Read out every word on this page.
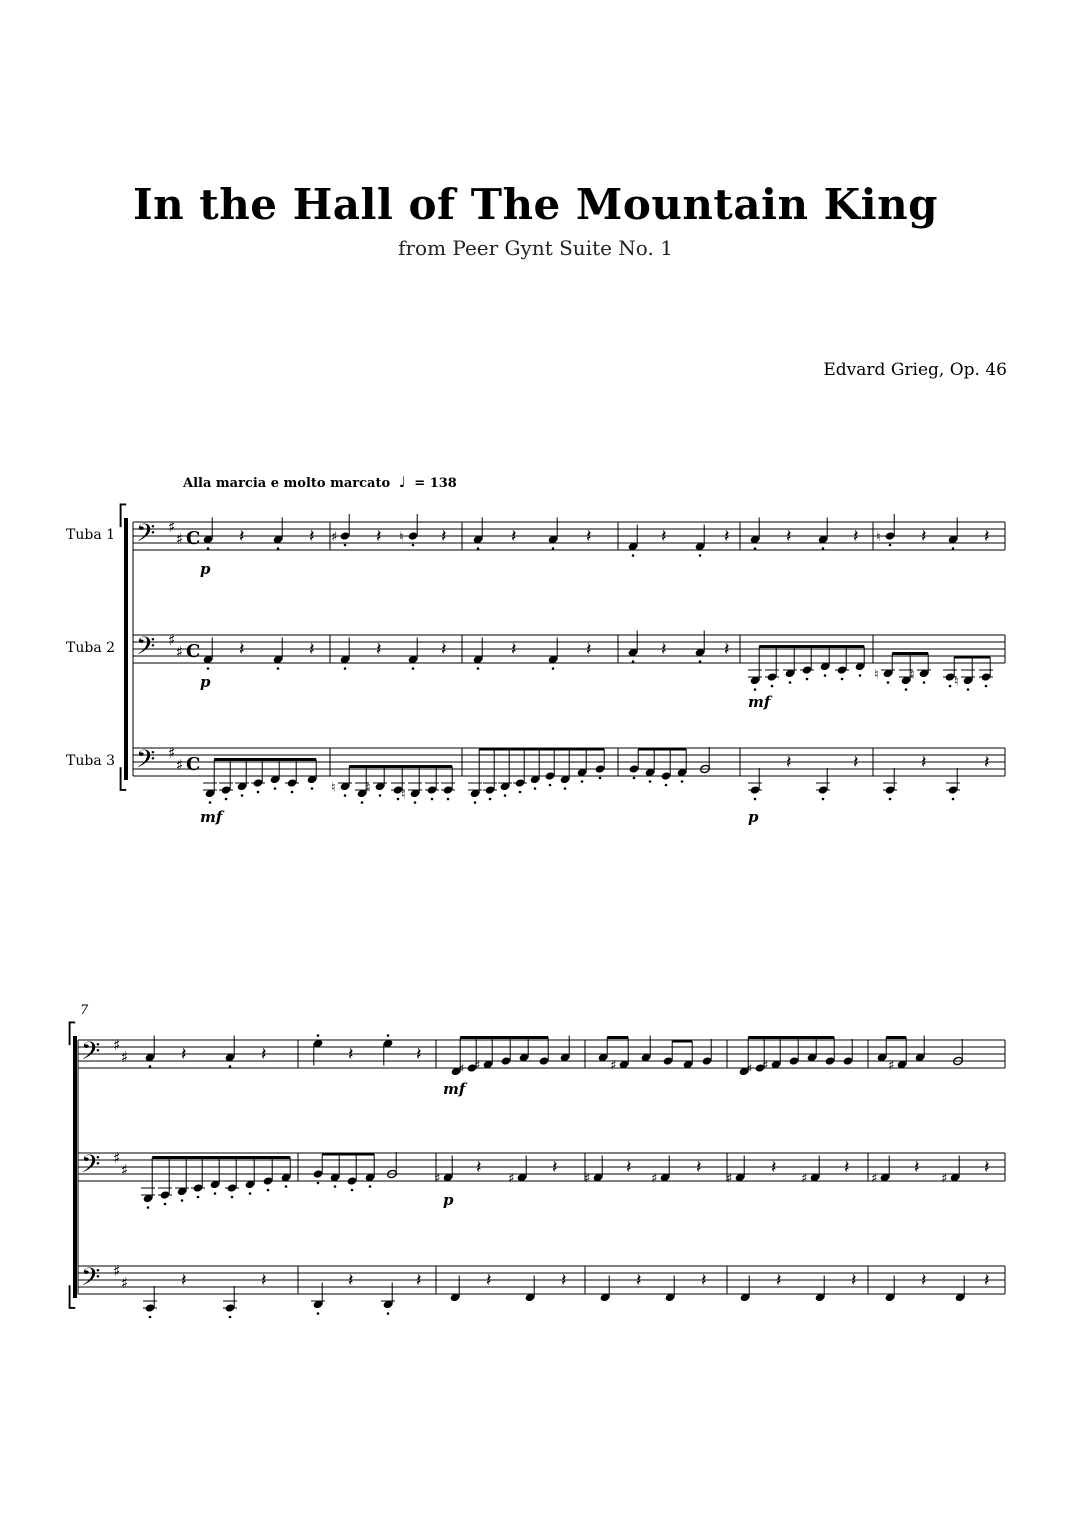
In the Hall of The Mountain King
from Peer Gynt Suite No. 1
Edvard Grieg, Op. 46
Alla marcia e molto marcato ♩ = 138
Tuba 1
Tuba 2
Tuba 3
7
⎡
⎣
𝄢 ♯
♯ C
𝄢 ♯
♯ C
𝄢 ♯
♯ C
𝄽	𝄽 ♯ 𝄽 ♮ 𝄽	𝄽	𝄽	𝄽	𝄽	𝄽	𝄽 ♮ 𝄽	𝄽
p
𝄽	𝄽	𝄽	𝄽	𝄽	𝄽	𝄽	𝄽
p
mf
♮ ♮	♮
♮ ♮ ♮
mf
𝄽	𝄽	𝄽	𝄽
p
⎡
⎣
𝄢 ♯
♯
𝄢 ♯
♯
𝄢 ♯
♯
𝄽	𝄽	𝄽	𝄽
♯ ♯
mf
♯	♯ ♯	♯
♯
𝄽
♯
𝄽
♯
𝄽
♯
𝄽
♯
𝄽
♯
𝄽
♯
𝄽
♯
𝄽
p
𝄽	𝄽	𝄽	𝄽	𝄽	𝄽	𝄽	𝄽	𝄽	𝄽	𝄽	𝄽
